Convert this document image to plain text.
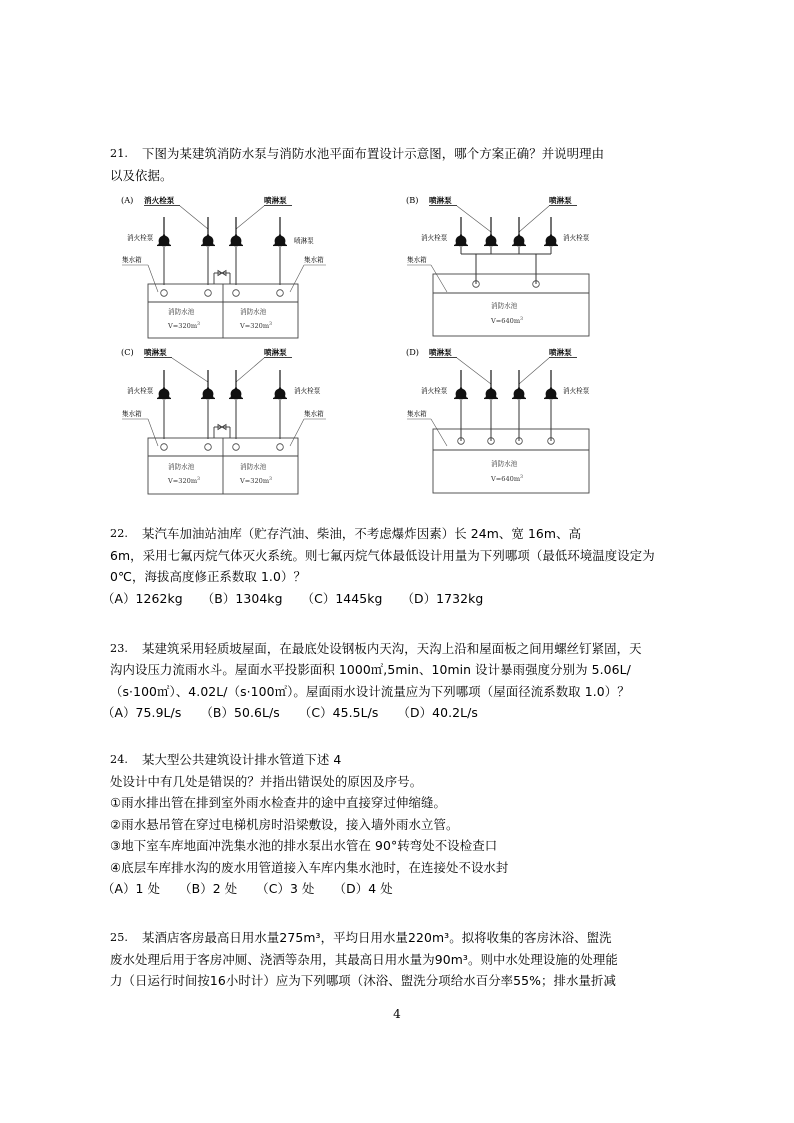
21.	下图为某建筑消防水泵与消防水池平面布置设计示意图，哪个方案正确？并说明理由
以及依据。
(A) 消火栓泵	喷淋泵
消火栓泵	喷淋泵
集水箱	集水箱
消防水池
$V=320m^3$
消防水池
$V=320m^3$
(B) 喷淋泵	喷淋泵
消火栓泵	消火栓泵
集水箱
消防水池
$V=640m^3$
(C) 喷淋泵	喷淋泵
消火栓泵	消火栓泵
集水箱	集水箱
消防水池
$V=320m^3$
消防水池
$V=320m^3$
(D) 喷淋泵	喷淋泵
消火栓泵	消火栓泵
集水箱
消防水池
$V=640m^3$
22.	某汽车加油站油库（贮存汽油、柴油，不考虑爆炸因素）长 24m、宽 16m、高
6m，采用七氟丙烷气体灭火系统。则七氟丙烷气体最低设计用量为下列哪项（最低环境温度设定为
0℃，海拔高度修正系数取 1.0）？
（A）1262kg （B）1304kg （C）1445kg （D）1732kg
23.	某建筑采用轻质坡屋面，在最底处设钢板内天沟，天沟上沿和屋面板之间用螺丝钉紧固，天
沟内设压力流雨水斗。屋面水平投影面积 1000㎡,5min、10min 设计暴雨强度分别为 5.06L/
（s·100㎡）、4.02L/（s·100㎡）。屋面雨水设计流量应为下列哪项（屋面径流系数取 1.0）？
（A）75.9L/s （B）50.6L/s （C）45.5L/s （D）40.2L/s
24.	某大型公共建筑设计排水管道下述 4
处设计中有几处是错误的？并指出错误处的原因及序号。
①雨水排出管在排到室外雨水检查井的途中直接穿过伸缩缝。
②雨水悬吊管在穿过电梯机房时沿梁敷设，接入墙外雨水立管。
③地下室车库地面冲洗集水池的排水泵出水管在 90°转弯处不设检查口
④底层车库排水沟的废水用管道接入车库内集水池时，在连接处不设水封
（A）1 处 （B）2 处 （C）3 处 （D）4 处
25.	某酒店客房最高日用水量275m³，平均日用水量220m³。拟将收集的客房沐浴、盥洗
废水处理后用于客房冲厕、浇洒等杂用，其最高日用水量为90m³。则中水处理设施的处理能
力（日运行时间按16小时计）应为下列哪项（沐浴、盥洗分项给水百分率55%；排水量折减
4
